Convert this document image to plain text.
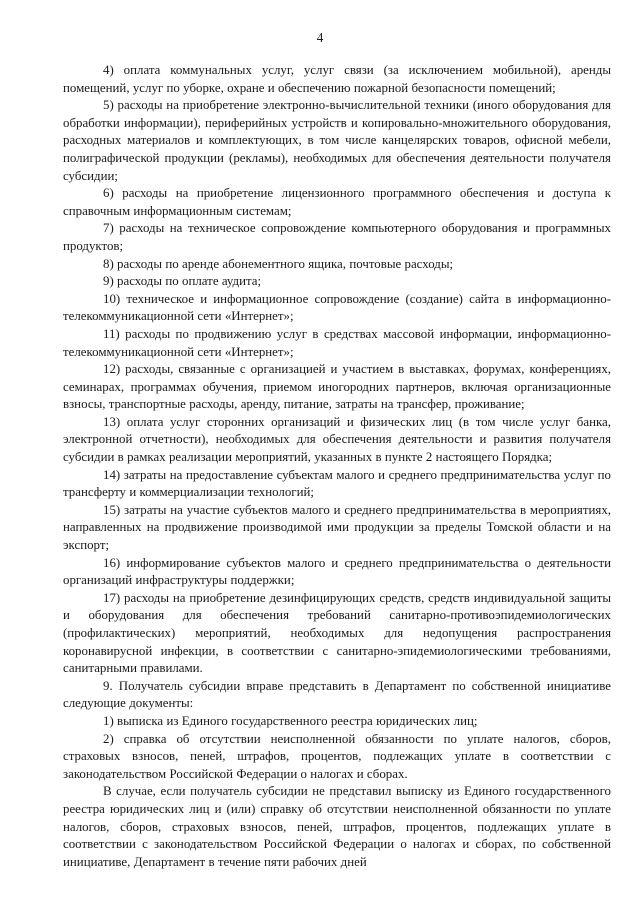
4

4) оплата коммунальных услуг, услуг связи (за исключением мобильной), аренды помещений, услуг по уборке, охране и обеспечению пожарной безопасности помещений;

5) расходы на приобретение электронно-вычислительной техники (иного оборудования для обработки информации), периферийных устройств и копировально-множительного оборудования, расходных материалов и комплектующих, в том числе канцелярских товаров, офисной мебели, полиграфической продукции (рекламы), необходимых для обеспечения деятельности получателя субсидии;

6) расходы на приобретение лицензионного программного обеспечения и доступа к справочным информационным системам;

7) расходы на техническое сопровождение компьютерного оборудования и программных продуктов;

8) расходы по аренде абонементного ящика, почтовые расходы;

9) расходы по оплате аудита;

10) техническое и информационное сопровождение (создание) сайта в информационно-телекоммуникационной сети «Интернет»;

11) расходы по продвижению услуг в средствах массовой информации, информационно-телекоммуникационной сети «Интернет»;

12) расходы, связанные с организацией и участием в выставках, форумах, конференциях, семинарах, программах обучения, приемом иногородних партнеров, включая организационные взносы, транспортные расходы, аренду, питание, затраты на трансфер, проживание;

13) оплата услуг сторонних организаций и физических лиц (в том числе услуг банка, электронной отчетности), необходимых для обеспечения деятельности и развития получателя субсидии в рамках реализации мероприятий, указанных в пункте 2 настоящего Порядка;

14) затраты на предоставление субъектам малого и среднего предпринимательства услуг по трансферту и коммерциализации технологий;

15) затраты на участие субъектов малого и среднего предпринимательства в мероприятиях, направленных на продвижение производимой ими продукции за пределы Томской области и на экспорт;

16) информирование субъектов малого и среднего предпринимательства о деятельности организаций инфраструктуры поддержки;

17) расходы на приобретение дезинфицирующих средств, средств индивидуальной защиты и оборудования для обеспечения требований санитарно-противоэпидемиологических (профилактических) мероприятий, необходимых для недопущения распространения коронавирусной инфекции, в соответствии с санитарно-эпидемиологическими требованиями, санитарными правилами.

9. Получатель субсидии вправе представить в Департамент по собственной инициативе следующие документы:

1) выписка из Единого государственного реестра юридических лиц;

2) справка об отсутствии неисполненной обязанности по уплате налогов, сборов, страховых взносов, пеней, штрафов, процентов, подлежащих уплате в соответствии с законодательством Российской Федерации о налогах и сборах.

В случае, если получатель субсидии не представил выписку из Единого государственного реестра юридических лиц и (или) справку об отсутствии неисполненной обязанности по уплате налогов, сборов, страховых взносов, пеней, штрафов, процентов, подлежащих уплате в соответствии с законодательством Российской Федерации о налогах и сборах, по собственной инициативе, Департамент в течение пяти рабочих дней
